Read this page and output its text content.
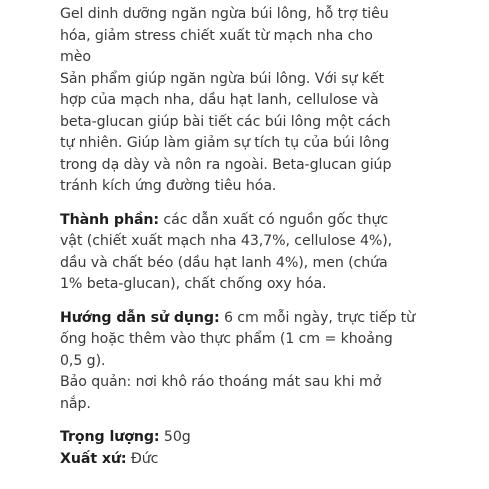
Gel dinh dưỡng ngăn ngừa búi lông, hỗ trợ tiêu
hóa, giảm stress chiết xuất từ mạch nha cho
mèo
Sản phẩm giúp ngăn ngừa búi lông. Với sự kết
hợp của mạch nha, dầu hạt lanh, cellulose và
beta-glucan giúp bài tiết các búi lông một cách
tự nhiên. Giúp làm giảm sự tích tụ của búi lông
trong dạ dày và nôn ra ngoài. Beta-glucan giúp
tránh kích ứng đường tiêu hóa.
Thành phần: các dẫn xuất có nguồn gốc thực
vật (chiết xuất mạch nha 43,7%, cellulose 4%),
dầu và chất béo (dầu hạt lanh 4%), men (chứa
1% beta-glucan), chất chống oxy hóa.
Hướng dẫn sử dụng: 6 cm mỗi ngày, trực tiếp từ
ống hoặc thêm vào thực phẩm (1 cm = khoảng
0,5 g).
Bảo quản: nơi khô ráo thoáng mát sau khi mở
nắp.
Trọng lượng: 50g
Xuất xứ: Đức
